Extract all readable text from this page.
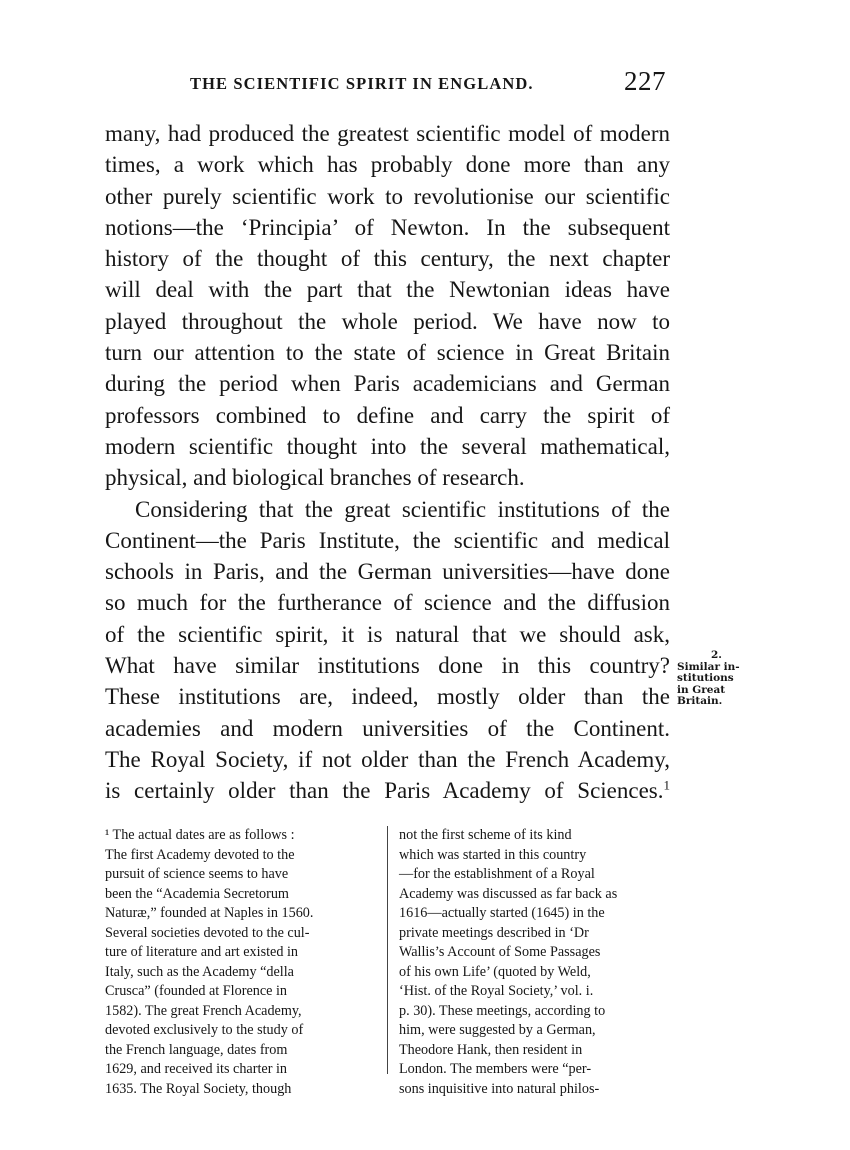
THE SCIENTIFIC SPIRIT IN ENGLAND.	227
many, had produced the greatest scientific model of modern
times, a work which has probably done more than any
other purely scientific work to revolutionise our scientific
notions—the ‘Principia’ of Newton. In the subsequent
history of the thought of this century, the next chapter
will deal with the part that the Newtonian ideas have
played throughout the whole period. We have now to
turn our attention to the state of science in Great Britain
during the period when Paris academicians and German
professors combined to define and carry the spirit of
modern scientific thought into the several mathematical,
physical, and biological branches of research.
Considering that the great scientific institutions of the
Continent—the Paris Institute, the scientific and medical
schools in Paris, and the German universities—have done
so much for the furtherance of science and the diffusion
of the scientific spirit, it is natural that we should ask,
What have similar institutions done in this country?
These institutions are, indeed, mostly older than the
academies and modern universities of the Continent.
The Royal Society, if not older than the French Academy,
is certainly older than the Paris Academy of Sciences.$^1$
2.
Similar in-
stitutions
in Great
Britain.
¹ The actual dates are as follows :
The first Academy devoted to the
pursuit of science seems to have
been the “Academia Secretorum
Naturæ,” founded at Naples in 1560.
Several societies devoted to the cul-
ture of literature and art existed in
Italy, such as the Academy “della
Crusca” (founded at Florence in
1582). The great French Academy,
devoted exclusively to the study of
the French language, dates from
1629, and received its charter in
1635. The Royal Society, though
not the first scheme of its kind
which was started in this country
—for the establishment of a Royal
Academy was discussed as far back as
1616—actually started (1645) in the
private meetings described in ‘Dr
Wallis’s Account of Some Passages
of his own Life’ (quoted by Weld,
‘Hist. of the Royal Society,’ vol. i.
p. 30). These meetings, according to
him, were suggested by a German,
Theodore Hank, then resident in
London. The members were “per-
sons inquisitive into natural philos-
